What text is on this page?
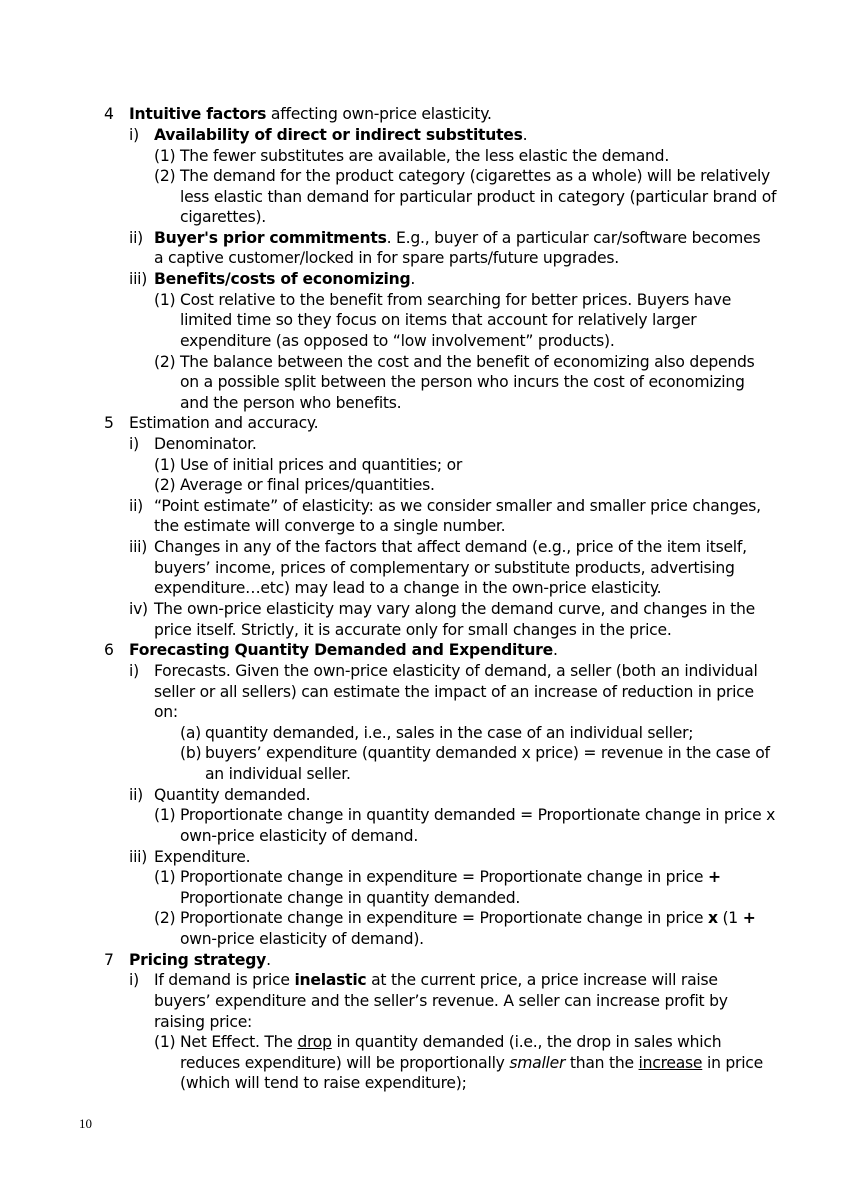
4 Intuitive factors affecting own-price elasticity.
i) Availability of direct or indirect substitutes.
(1) The fewer substitutes are available, the less elastic the demand.
(2) The demand for the product category (cigarettes as a whole) will be relatively
less elastic than demand for particular product in category (particular brand of
cigarettes).
ii) Buyer's prior commitments. E.g., buyer of a particular car/software becomes
a captive customer/locked in for spare parts/future upgrades.
iii) Benefits/costs of economizing.
(1) Cost relative to the benefit from searching for better prices. Buyers have
limited time so they focus on items that account for relatively larger
expenditure (as opposed to “low involvement” products).
(2) The balance between the cost and the benefit of economizing also depends
on a possible split between the person who incurs the cost of economizing
and the person who benefits.
5 Estimation and accuracy.
i) Denominator.
(1) Use of initial prices and quantities; or
(2) Average or final prices/quantities.
ii) “Point estimate” of elasticity: as we consider smaller and smaller price changes,
the estimate will converge to a single number.
iii) Changes in any of the factors that affect demand (e.g., price of the item itself,
buyers’ income, prices of complementary or substitute products, advertising
expenditure…etc) may lead to a change in the own-price elasticity.
iv) The own-price elasticity may vary along the demand curve, and changes in the
price itself. Strictly, it is accurate only for small changes in the price.
6 Forecasting Quantity Demanded and Expenditure.
i) Forecasts. Given the own-price elasticity of demand, a seller (both an individual
seller or all sellers) can estimate the impact of an increase of reduction in price
on:
(a) quantity demanded, i.e., sales in the case of an individual seller;
(b) buyers’ expenditure (quantity demanded x price) = revenue in the case of
an individual seller.
ii) Quantity demanded.
(1) Proportionate change in quantity demanded = Proportionate change in price x
own-price elasticity of demand.
iii) Expenditure.
(1) Proportionate change in expenditure = Proportionate change in price +
Proportionate change in quantity demanded.
(2) Proportionate change in expenditure = Proportionate change in price x (1 +
own-price elasticity of demand).
7 Pricing strategy.
i) If demand is price inelastic at the current price, a price increase will raise
buyers’ expenditure and the seller’s revenue. A seller can increase profit by
raising price:
(1) Net Effect. The drop in quantity demanded (i.e., the drop in sales which
reduces expenditure) will be proportionally smaller than the increase in price
(which will tend to raise expenditure);
10
